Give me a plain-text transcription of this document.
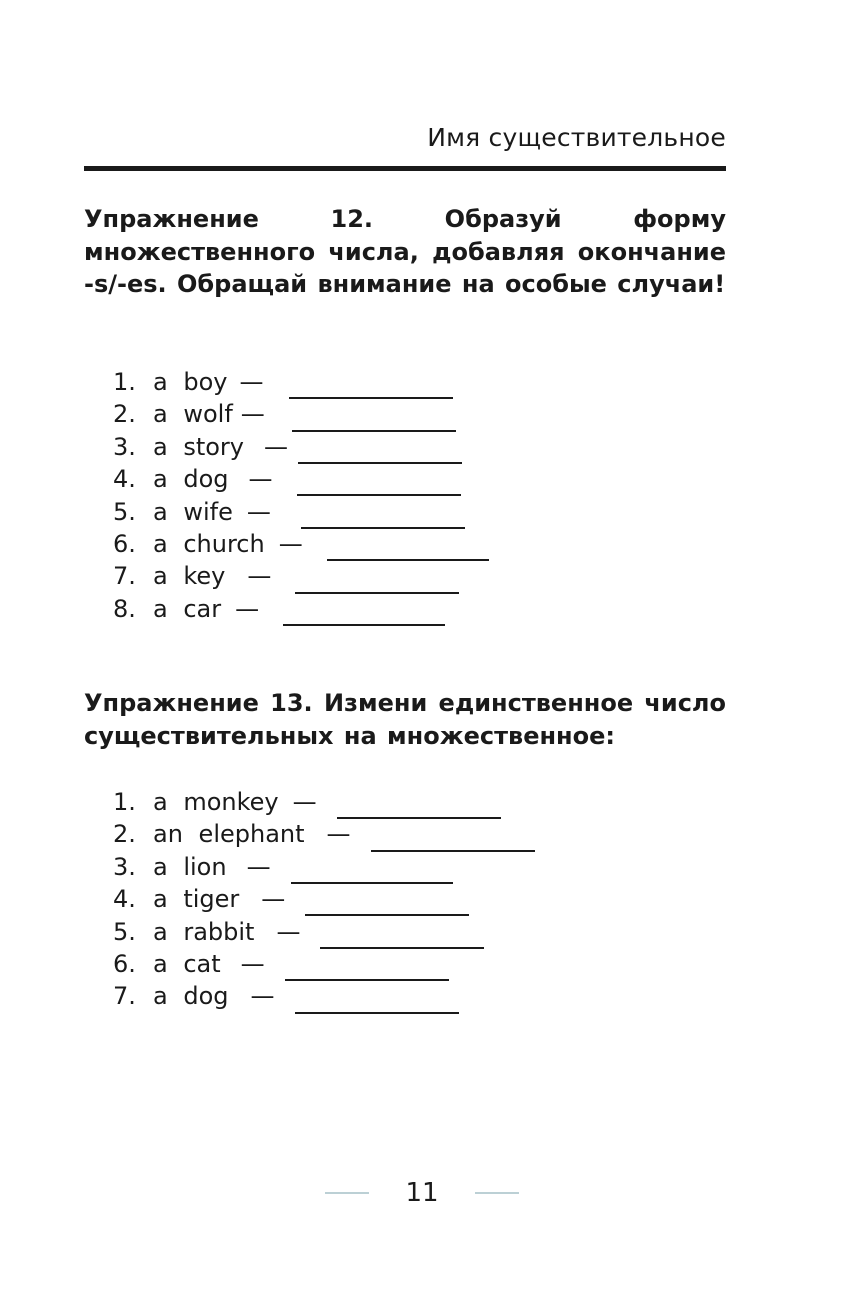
Имя существительное
Упражнение 12. Образуй форму множественного числа, добавляя окончание -s/-es. Обращай внимание на особые случаи!
1. a boy —
2. a wolf —
3. a story —
4. a dog —
5. a wife —
6. a church —
7. a key —
8. a car —
Упражнение 13. Измени единственное число существительных на множественное:
1. a monkey —
2. an elephant —
3. a lion —
4. a tiger —
5. a rabbit —
6. a cat —
7. a dog —
11
